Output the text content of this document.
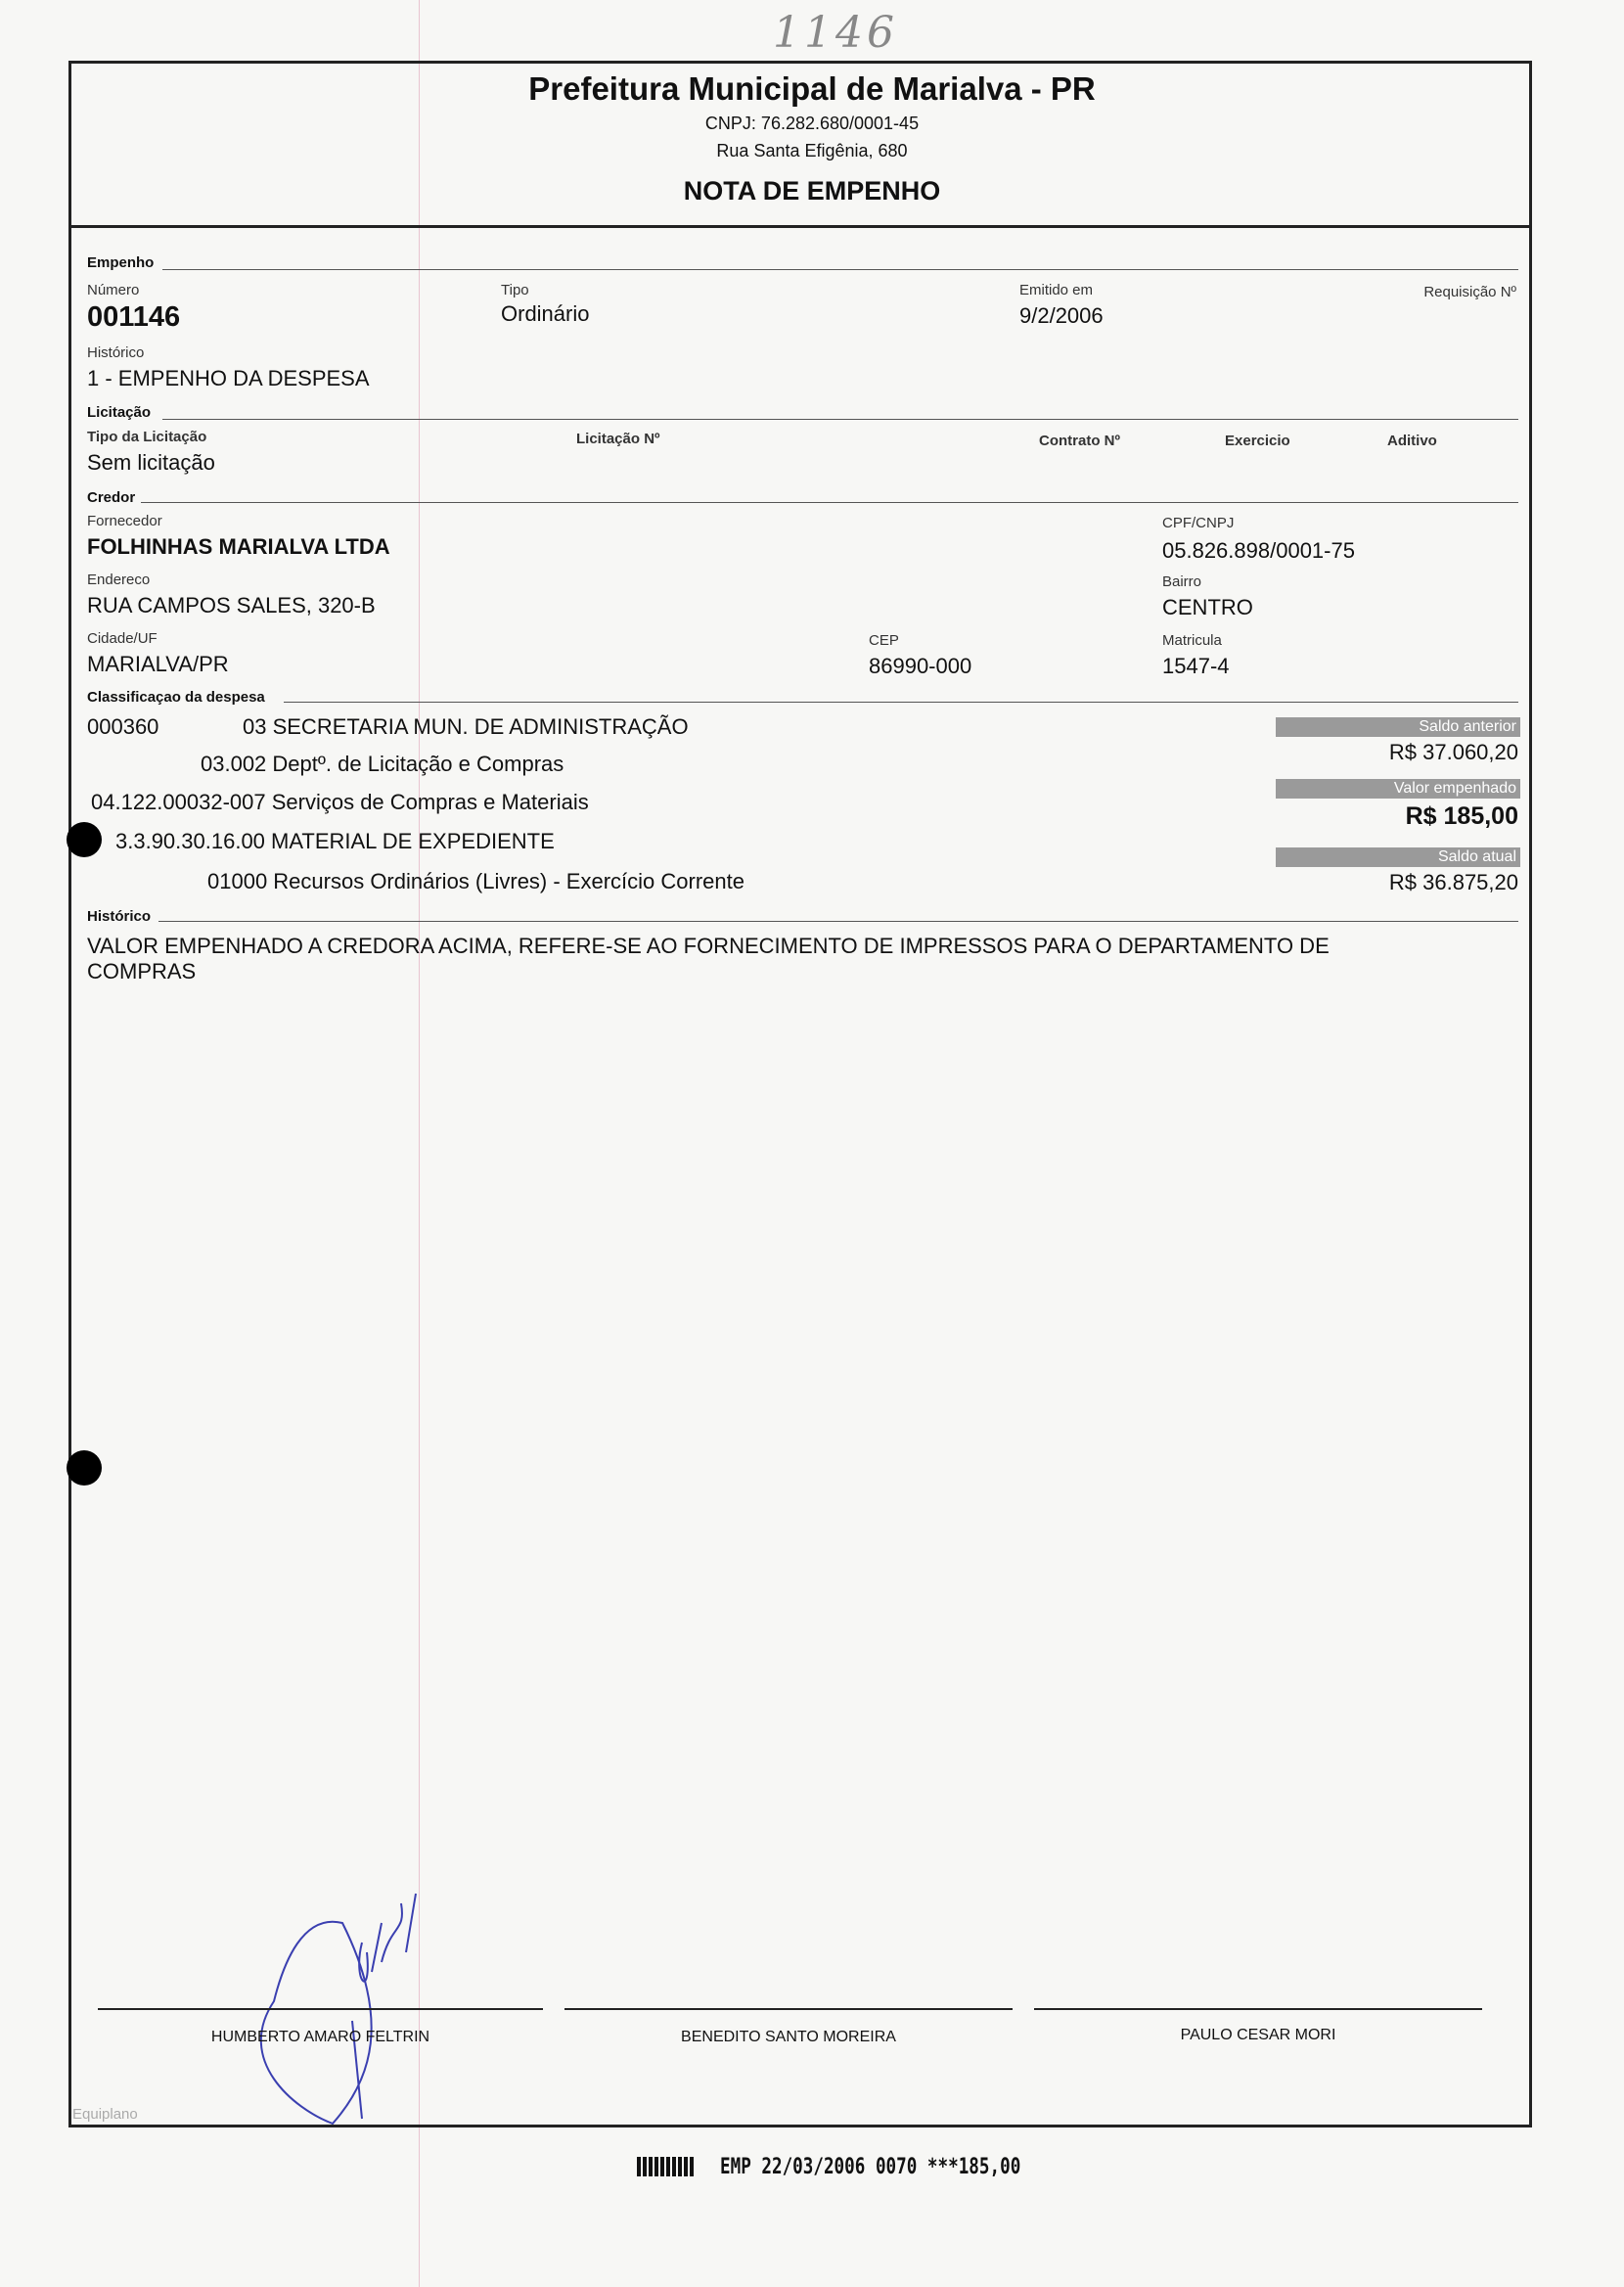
1146
Prefeitura Municipal de Marialva - PR
CNPJ: 76.282.680/0001-45
Rua Santa Efigênia, 680
NOTA DE EMPENHO
Empenho
Número
001146
Tipo
Ordinário
Emitido em
9/2/2006
Requisição Nº
Histórico
1 - EMPENHO DA DESPESA
Licitação
Tipo da Licitação
Sem licitação
Licitação Nº	Contrato Nº	Exercicio	Aditivo
Credor
Fornecedor
FOLHINHAS MARIALVA LTDA
CPF/CNPJ
05.826.898/0001-75
Endereco
RUA CAMPOS SALES, 320-B
Bairro
CENTRO
Cidade/UF
MARIALVA/PR
CEP
86990-000
Matricula
1547-4
Classificaçao da despesa
000360	03 SECRETARIA MUN. DE ADMINISTRAÇÃO
03.002 Deptº. de Licitação e Compras
04.122.00032-007 Serviços de Compras e Materiais
3.3.90.30.16.00 MATERIAL DE EXPEDIENTE
01000 Recursos Ordinários (Livres) - Exercício Corrente
Saldo anterior
R$ 37.060,20
Valor empenhado
R$ 185,00
Saldo atual
R$ 36.875,20
Histórico
VALOR EMPENHADO A CREDORA ACIMA, REFERE-SE AO FORNECIMENTO DE IMPRESSOS PARA O DEPARTAMENTO DE
COMPRAS
HUMBERTO AMARO FELTRIN	BENEDITO SANTO MOREIRA	PAULO CESAR MORI
Equiplano
EMP 22/03/2006 0070 ***185,00
